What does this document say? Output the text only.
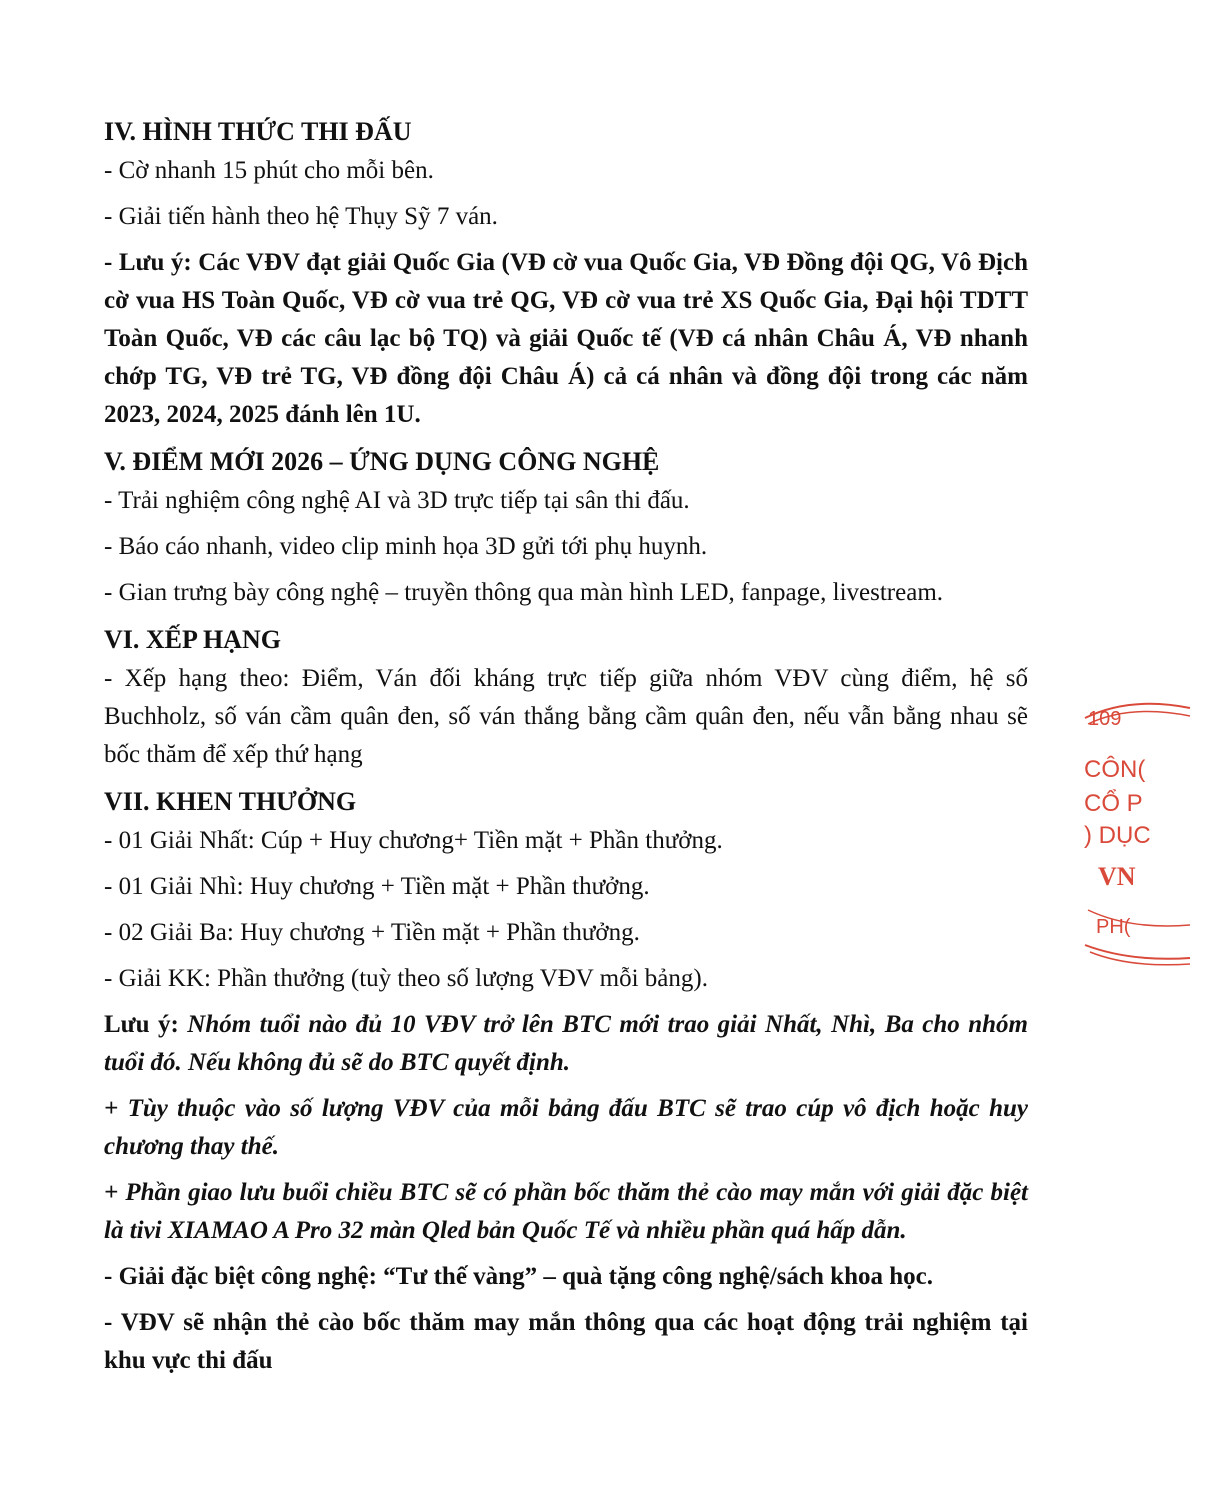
IV. HÌNH THỨC THI ĐẤU

- Cờ nhanh 15 phút cho mỗi bên.

- Giải tiến hành theo hệ Thụy Sỹ 7 ván.

- Lưu ý: Các VĐV đạt giải Quốc Gia (VĐ cờ vua Quốc Gia, VĐ Đồng đội QG, Vô Địch cờ vua HS Toàn Quốc, VĐ cờ vua trẻ QG, VĐ cờ vua trẻ XS Quốc Gia, Đại hội TDTT Toàn Quốc, VĐ các câu lạc bộ TQ) và giải Quốc tế (VĐ cá nhân Châu Á, VĐ nhanh chớp TG, VĐ trẻ TG, VĐ đồng đội Châu Á) cả cá nhân và đồng đội trong các năm 2023, 2024, 2025 đánh lên 1U.

V. ĐIỂM MỚI 2026 – ỨNG DỤNG CÔNG NGHỆ

- Trải nghiệm công nghệ AI và 3D trực tiếp tại sân thi đấu.

- Báo cáo nhanh, video clip minh họa 3D gửi tới phụ huynh.

- Gian trưng bày công nghệ – truyền thông qua màn hình LED, fanpage, livestream.

VI. XẾP HẠNG

- Xếp hạng theo: Điểm, Ván đối kháng trực tiếp giữa nhóm VĐV cùng điểm, hệ số Buchholz, số ván cầm quân đen, số ván thắng bằng cầm quân đen, nếu vẫn bằng nhau sẽ bốc thăm để xếp thứ hạng

VII. KHEN THƯỞNG

- 01 Giải Nhất: Cúp + Huy chương+ Tiền mặt + Phần thưởng.

- 01 Giải Nhì: Huy chương + Tiền mặt + Phần thưởng.

- 02 Giải Ba: Huy chương + Tiền mặt + Phần thưởng.

- Giải KK: Phần thưởng (tuỳ theo số lượng VĐV mỗi bảng).

Lưu ý: Nhóm tuổi nào đủ 10 VĐV trở lên BTC mới trao giải Nhất, Nhì, Ba cho nhóm tuổi đó. Nếu không đủ sẽ do BTC quyết định.

+ Tùy thuộc vào số lượng VĐV của mỗi bảng đấu BTC sẽ trao cúp vô địch hoặc huy chương thay thế.

+ Phần giao lưu buổi chiều BTC sẽ có phần bốc thăm thẻ cào may mắn với giải đặc biệt là tivi XIAMAO A Pro 32 màn Qled bản Quốc Tế và nhiều phần quá hấp dẫn.

- Giải đặc biệt công nghệ: “Tư thế vàng” – quà tặng công nghệ/sách khoa học.

- VĐV sẽ nhận thẻ cào bốc thăm may mắn thông qua các hoạt động trải nghiệm tại khu vực thi đấu

109
CÔN(
CỔ P
) DỤC
VN
PH(
